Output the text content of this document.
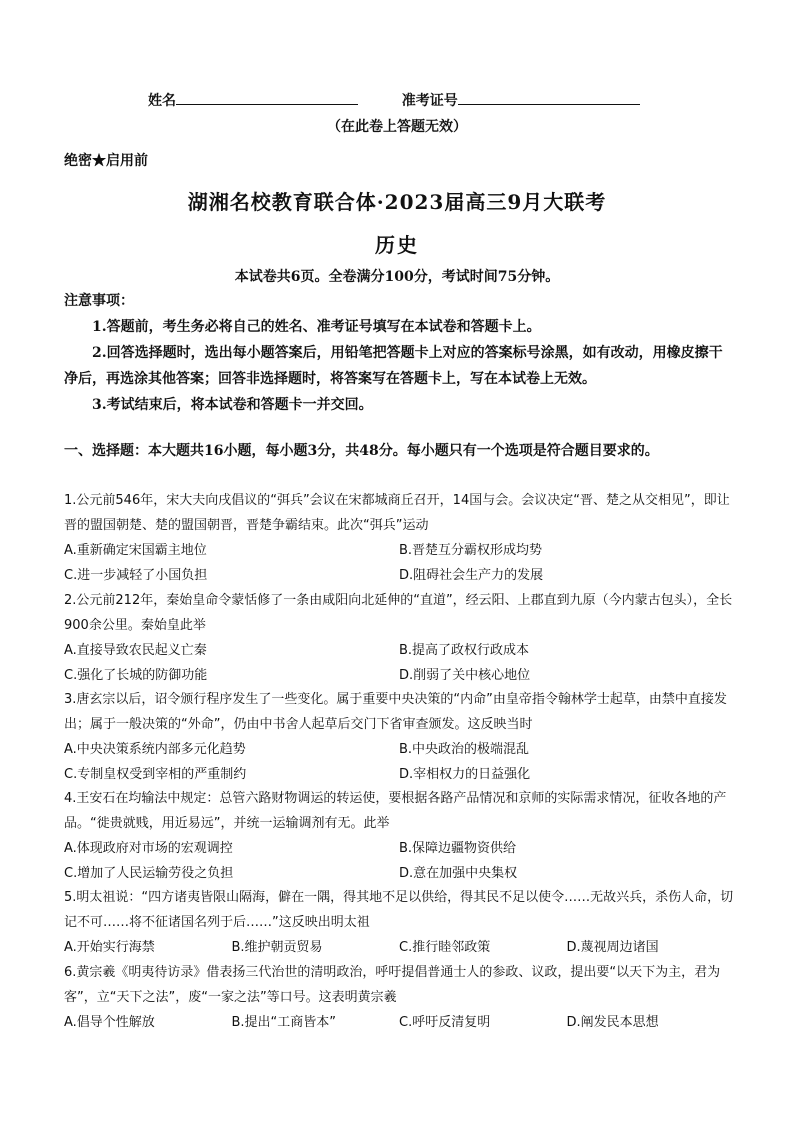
姓名	准考证号
（在此卷上答题无效）
绝密★启用前
湖湘名校教育联合体·2023届高三9月大联考
历史
本试卷共6页。全卷满分100分，考试时间75分钟。
注意事项：

1.答题前，考生务必将自己的姓名、准考证号填写在本试卷和答题卡上。

2.回答选择题时，选出每小题答案后，用铅笔把答题卡上对应的答案标号涂黑，如有改动，用橡皮擦干净后，再选涂其他答案；回答非选择题时，将答案写在答题卡上，写在本试卷上无效。

3.考试结束后，将本试卷和答题卡一并交回。

一、选择题：本大题共16小题，每小题3分，共48分。每小题只有一个选项是符合题目要求的。

1.公元前546年，宋大夫向戌倡议的“弭兵”会议在宋都城商丘召开，14国与会。会议决定“晋、楚之从交相见”，即让晋的盟国朝楚、楚的盟国朝晋，晋楚争霸结束。此次“弭兵”运动

A.重新确定宋国霸主地位	B.晋楚互分霸权形成均势
C.进一步减轻了小国负担	D.阻碍社会生产力的发展

2.公元前212年，秦始皇命令蒙恬修了一条由咸阳向北延伸的“直道”，经云阳、上郡直到九原（今内蒙古包头），全长900余公里。秦始皇此举

A.直接导致农民起义亡秦	B.提高了政权行政成本
C.强化了长城的防御功能	D.削弱了关中核心地位

3.唐玄宗以后，诏令颁行程序发生了一些变化。属于重要中央决策的“内命”由皇帝指令翰林学士起草，由禁中直接发出；属于一般决策的“外命”，仍由中书舍人起草后交门下省审查颁发。这反映当时

A.中央决策系统内部多元化趋势	B.中央政治的极端混乱
C.专制皇权受到宰相的严重制约	D.宰相权力的日益强化

4.王安石在均输法中规定：总管六路财物调运的转运使，要根据各路产品情况和京师的实际需求情况，征收各地的产品。“徙贵就贱，用近易远”，并统一运输调剂有无。此举

A.体现政府对市场的宏观调控	B.保障边疆物资供给
C.增加了人民运输劳役之负担	D.意在加强中央集权

5.明太祖说：“四方诸夷皆限山隔海，僻在一隅，得其地不足以供给，得其民不足以使令……无故兴兵，杀伤人命，切记不可……将不征诸国名列于后……”这反映出明太祖

A.开始实行海禁	B.维护朝贡贸易	C.推行睦邻政策	D.蔑视周边诸国

6.黄宗羲《明夷待访录》借表扬三代治世的清明政治，呼吁提倡普通士人的参政、议政，提出要“以天下为主，君为客”，立“天下之法”，废“一家之法”等口号。这表明黄宗羲

A.倡导个性解放	B.提出“工商皆本”	C.呼吁反清复明	D.阐发民本思想
